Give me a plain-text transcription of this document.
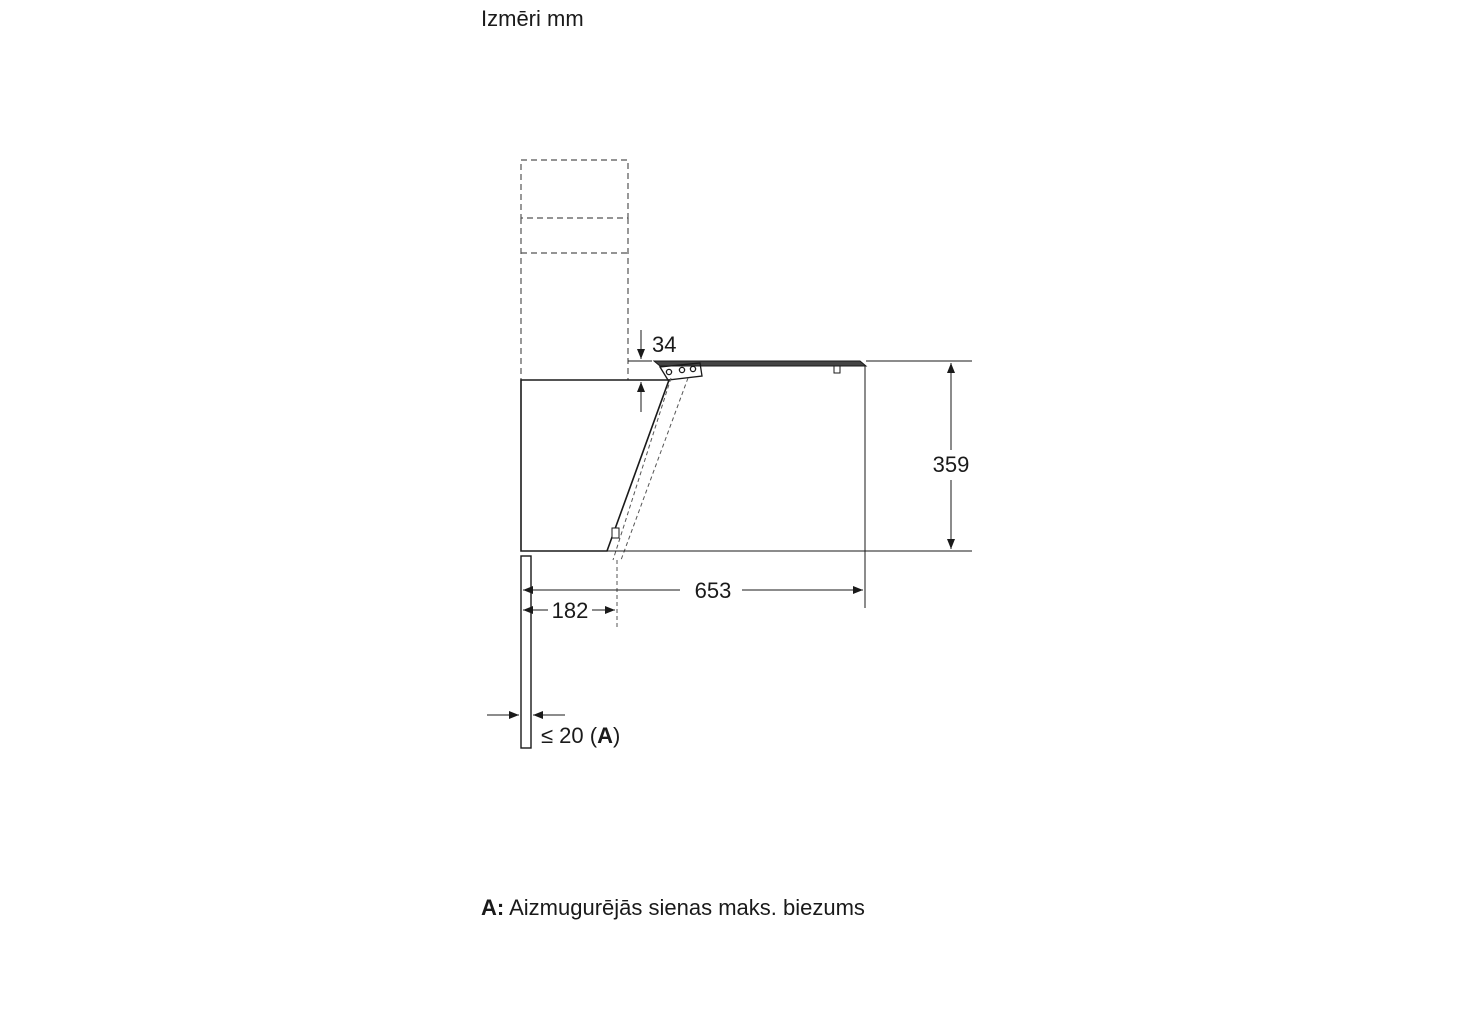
Izmēri mm
34
359
653
182
≤ 20 (A)
A: Aizmugurējās sienas maks. biezums
